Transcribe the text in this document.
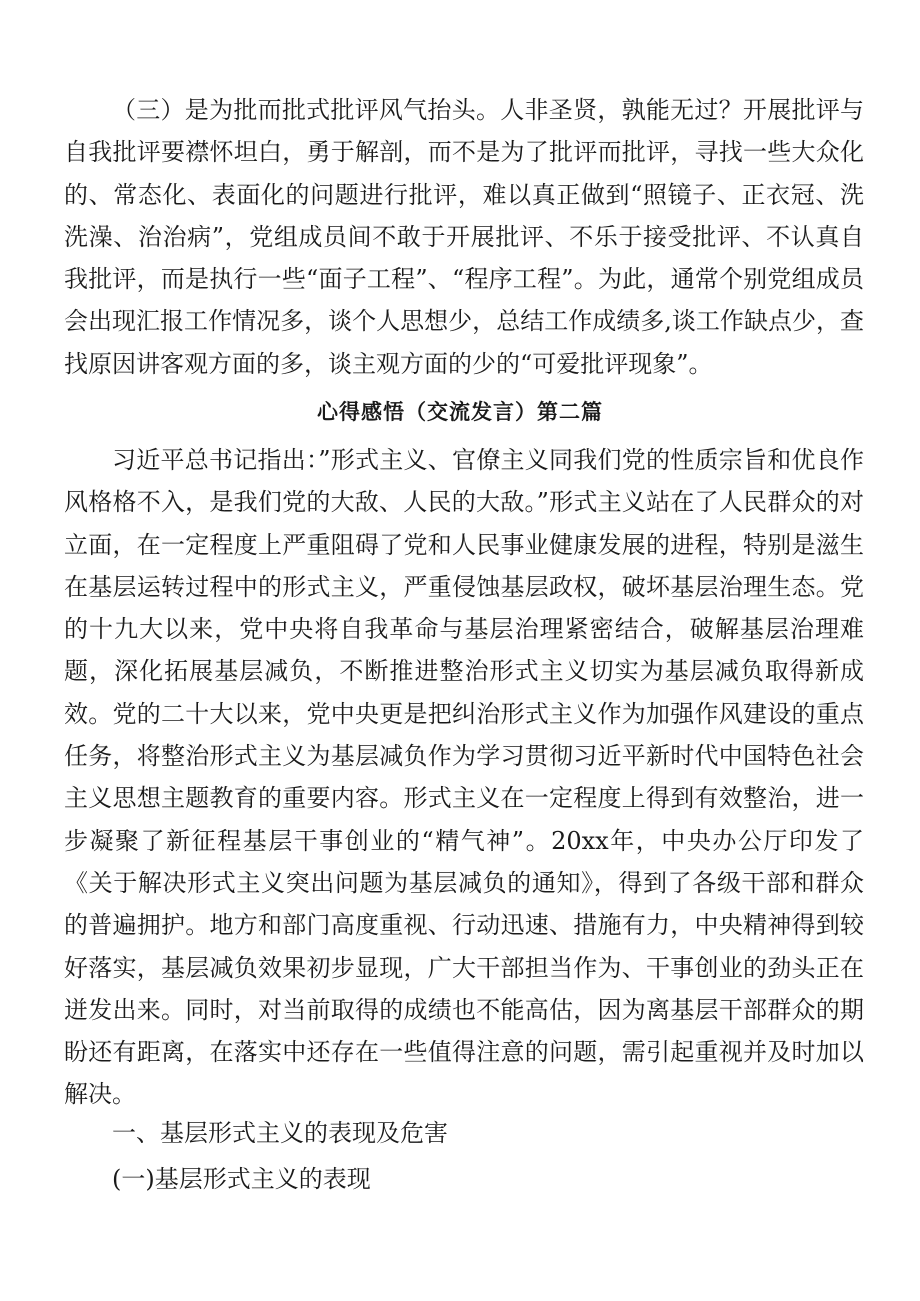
（三）是为批而批式批评风气抬头。人非圣贤，孰能无过？开展批评与自我批评要襟怀坦白，勇于解剖，而不是为了批评而批评，寻找一些大众化的、常态化、表面化的问题进行批评，难以真正做到“照镜子、正衣冠、洗洗澡、治治病”，党组成员间不敢于开展批评、不乐于接受批评、不认真自我批评，而是执行一些“面子工程”、“程序工程”。为此，通常个别党组成员会出现汇报工作情况多，谈个人思想少，总结工作成绩多,谈工作缺点少，查找原因讲客观方面的多，谈主观方面的少的“可爱批评现象”。

心得感悟（交流发言）第二篇

习近平总书记指出：”形式主义、官僚主义同我们党的性质宗旨和优良作风格格不入，是我们党的大敌、人民的大敌。”形式主义站在了人民群众的对立面，在一定程度上严重阻碍了党和人民事业健康发展的进程，特别是滋生在基层运转过程中的形式主义，严重侵蚀基层政权，破坏基层治理生态。党的十九大以来，党中央将自我革命与基层治理紧密结合，破解基层治理难题，深化拓展基层减负，不断推进整治形式主义切实为基层减负取得新成效。党的二十大以来，党中央更是把纠治形式主义作为加强作风建设的重点任务，将整治形式主义为基层减负作为学习贯彻习近平新时代中国特色社会主义思想主题教育的重要内容。形式主义在一定程度上得到有效整治，进一步凝聚了新征程基层干事创业的“精气神”。20xx年，中央办公厅印发了《关于解决形式主义突出问题为基层减负的通知》，得到了各级干部和群众的普遍拥护。地方和部门高度重视、行动迅速、措施有力，中央精神得到较好落实，基层减负效果初步显现，广大干部担当作为、干事创业的劲头正在迸发出来。同时，对当前取得的成绩也不能高估，因为离基层干部群众的期盼还有距离，在落实中还存在一些值得注意的问题，需引起重视并及时加以解决。

一、基层形式主义的表现及危害

(一)基层形式主义的表现
